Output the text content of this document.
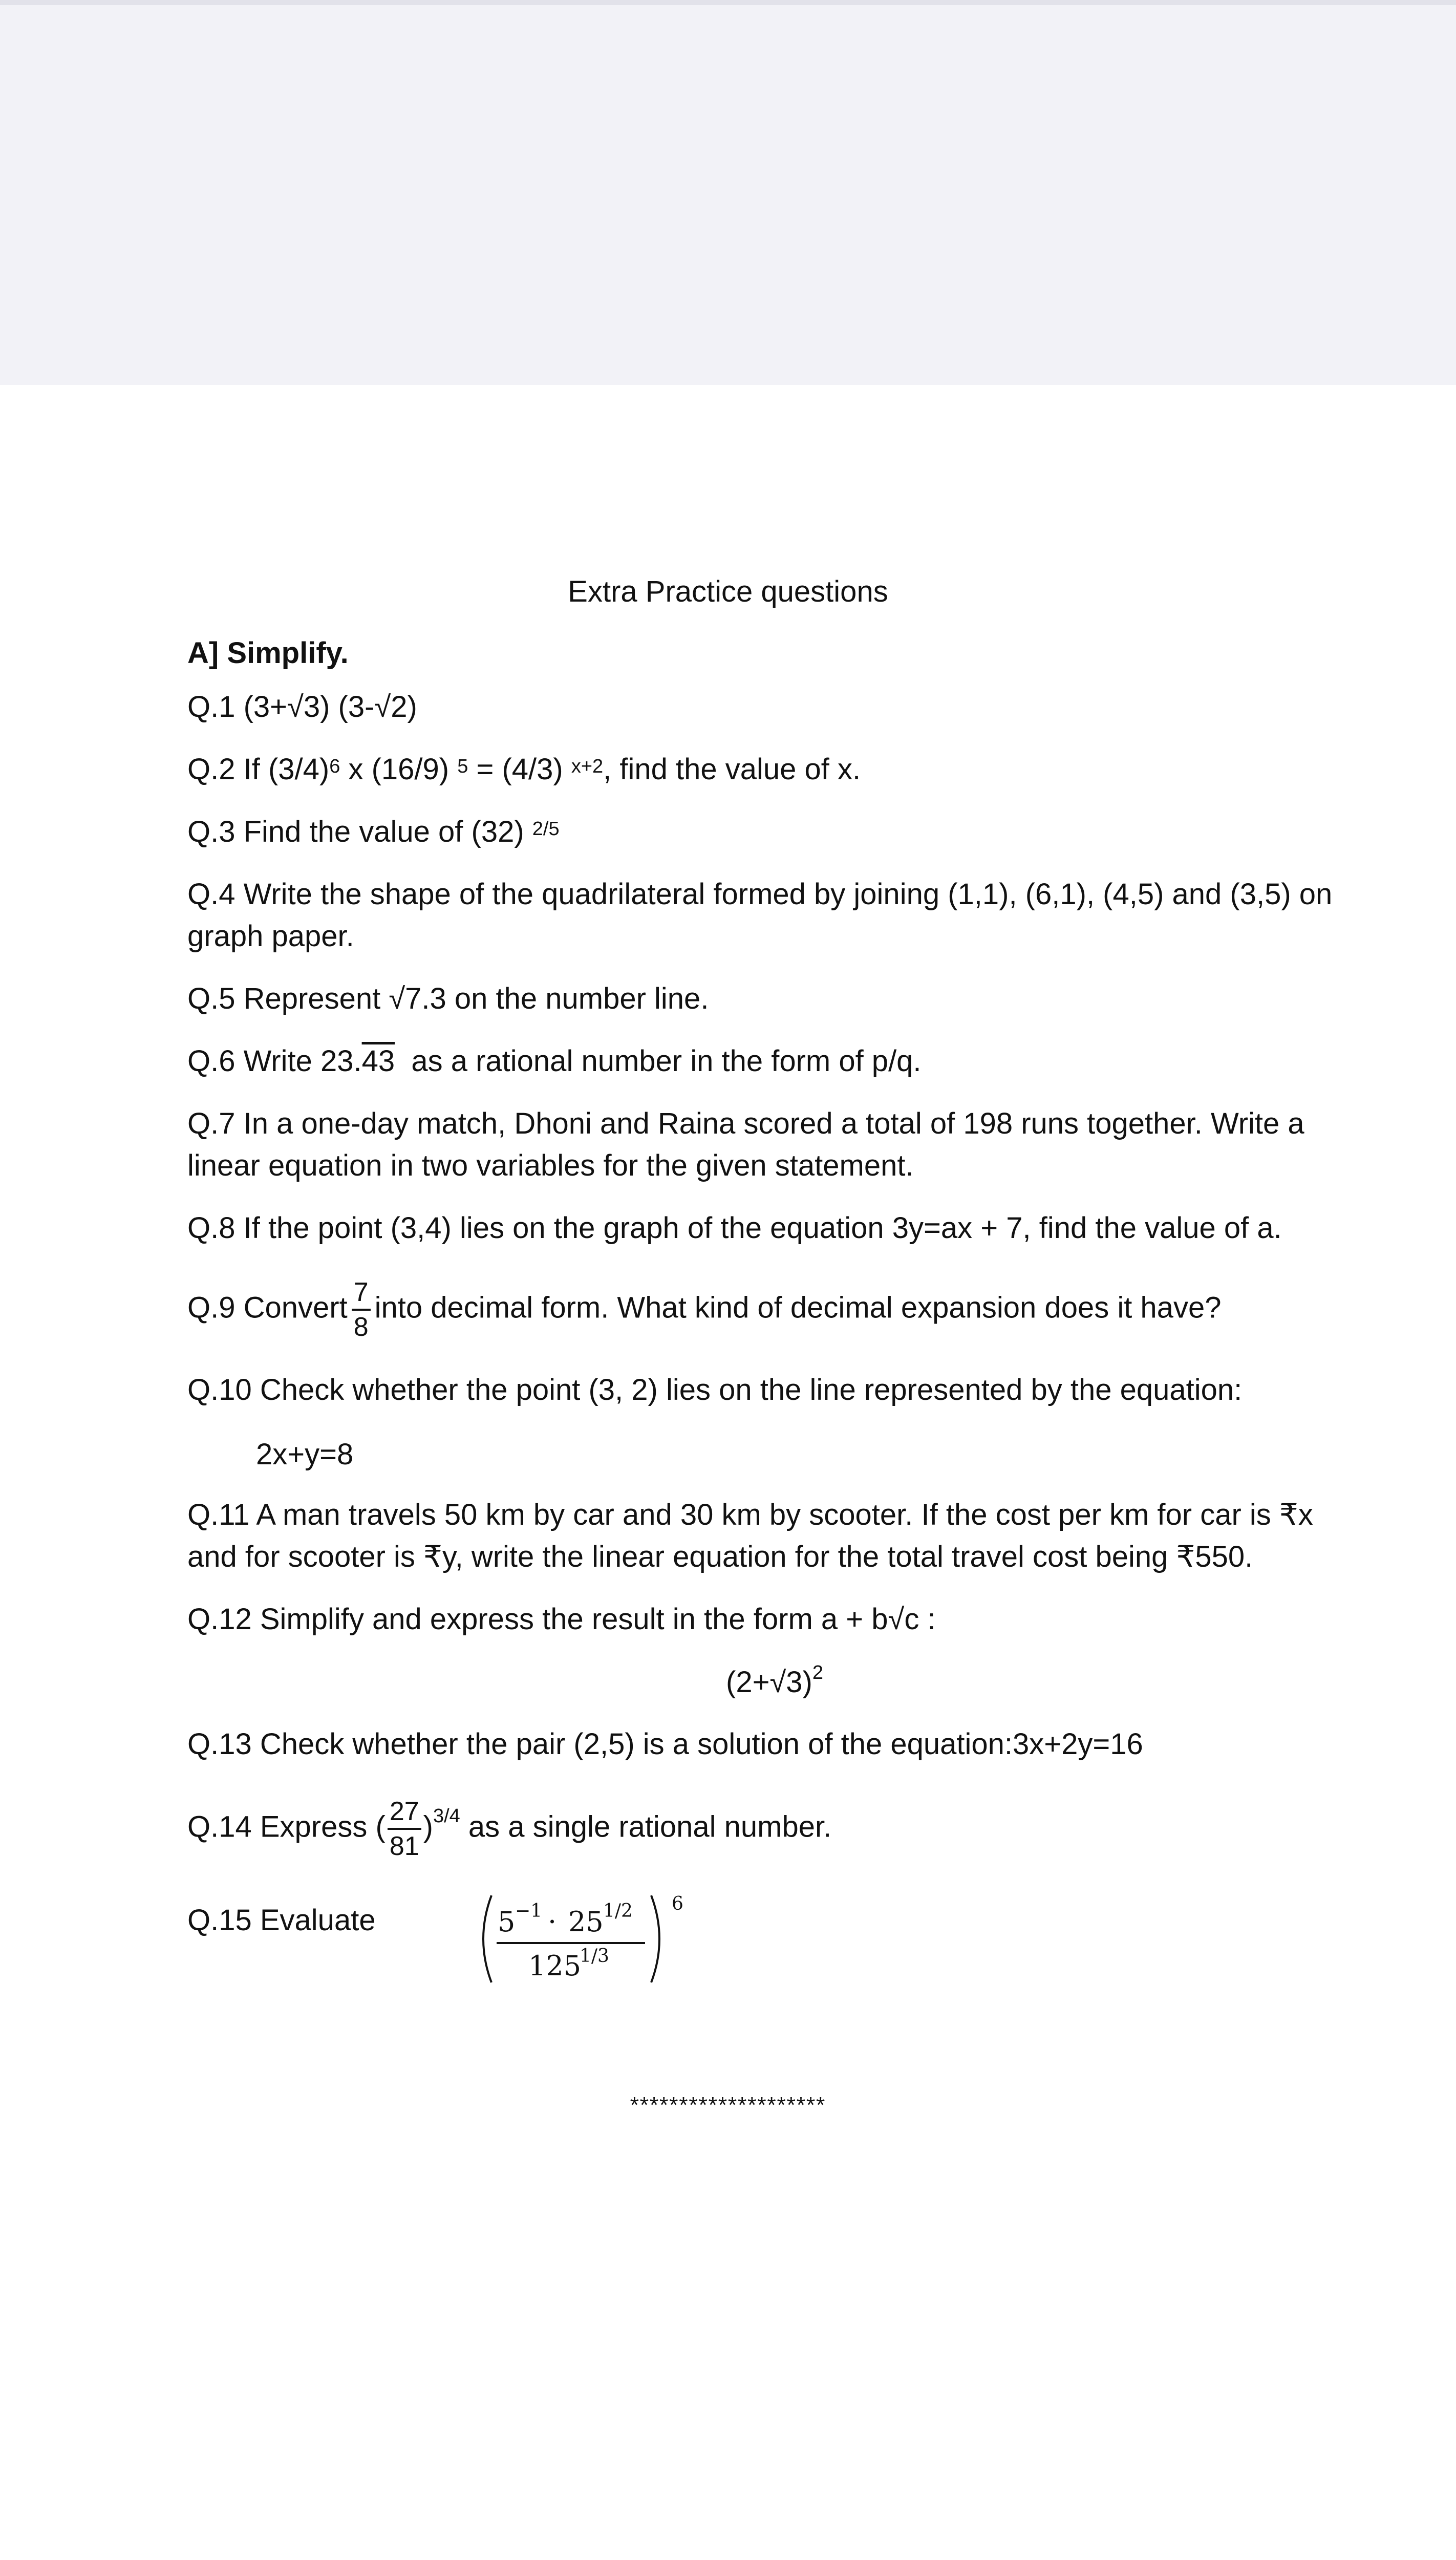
Extra Practice questions
A] Simplify.
Q.1 (3+√3) (3-√2)
Q.2 If $(3/4)^6$ x (16/9) $^5$ = (4/3) $^{x+2}$, find the value of x.
Q.3 Find the value of (32) $^{2/5}$
Q.4 Write the shape of the quadrilateral formed by joining (1,1), (6,1), (4,5) and (3,5) on graph paper.
Q.5 Represent √7.3 on the number line.
Q.6 Write 23.43  as a rational number in the form of p/q.
Q.7 In a one-day match, Dhoni and Raina scored a total of 198 runs together. Write a linear equation in two variables for the given statement.
Q.8 If the point (3,4) lies on the graph of the equation 3y=ax + 7, find the value of a.
Q.9 Convert $\frac{7}{8}$ into decimal form. What kind of decimal expansion does it have?
Q.10 Check whether the point (3, 2) lies on the line represented by the equation:
2x+y=8
Q.11 A man travels 50 km by car and 30 km by scooter. If the cost per km for car is ₹x and for scooter is ₹y, write the linear equation for the total travel cost being ₹550.
Q.12 Simplify and express the result in the form a + b√c :
$(2+√3)^2$
Q.13 Check whether the pair (2,5) is a solution of the equation:3x+2y=16
Q.14 Express ( $\frac{27}{81} )^{3/4}$ as a single rational number.
Q.15 Evaluate	5 −1 · 25 1/2
125
1/3
6
********************
